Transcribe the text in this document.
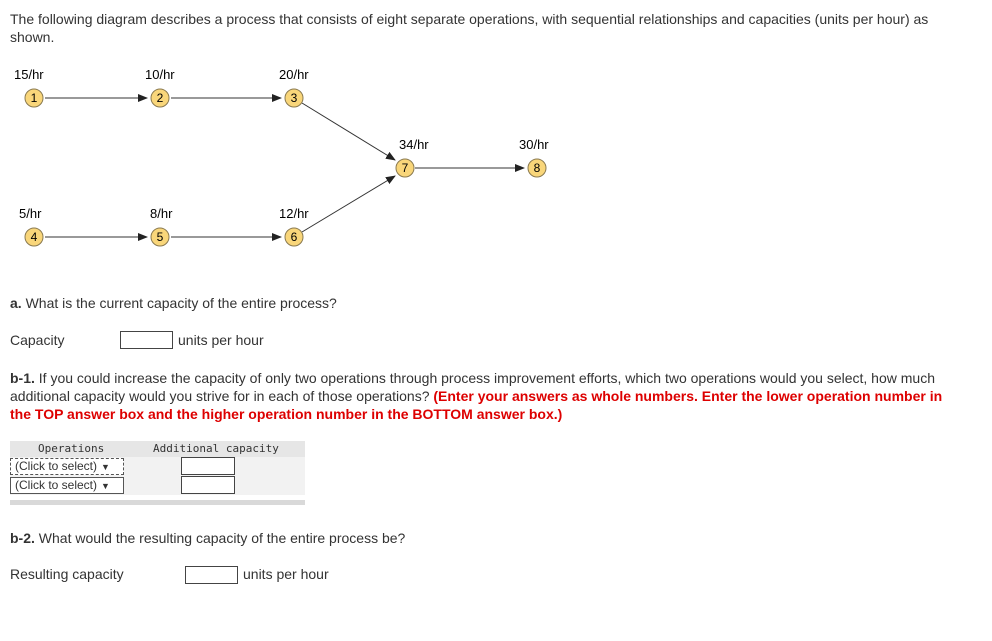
The following diagram describes a process that consists of eight separate operations, with sequential relationships and capacities (units per hour) as shown.
1
15/hr
2
10/hr
3
20/hr
4
5/hr
5
8/hr
6
12/hr
7
34/hr
8
30/hr
a. What is the current capacity of the entire process?
Capacity	units per hour
b-1. If you could increase the capacity of only two operations through process improvement efforts, which two operations would you select, how much additional capacity would you strive for in each of those operations? (Enter your answers as whole numbers. Enter the lower operation number in the TOP answer box and the higher operation number in the BOTTOM answer box.)
Operations	Additional capacity
(Click to select) ▼
(Click to select) ▼
b-2. What would the resulting capacity of the entire process be?
Resulting capacity	units per hour
